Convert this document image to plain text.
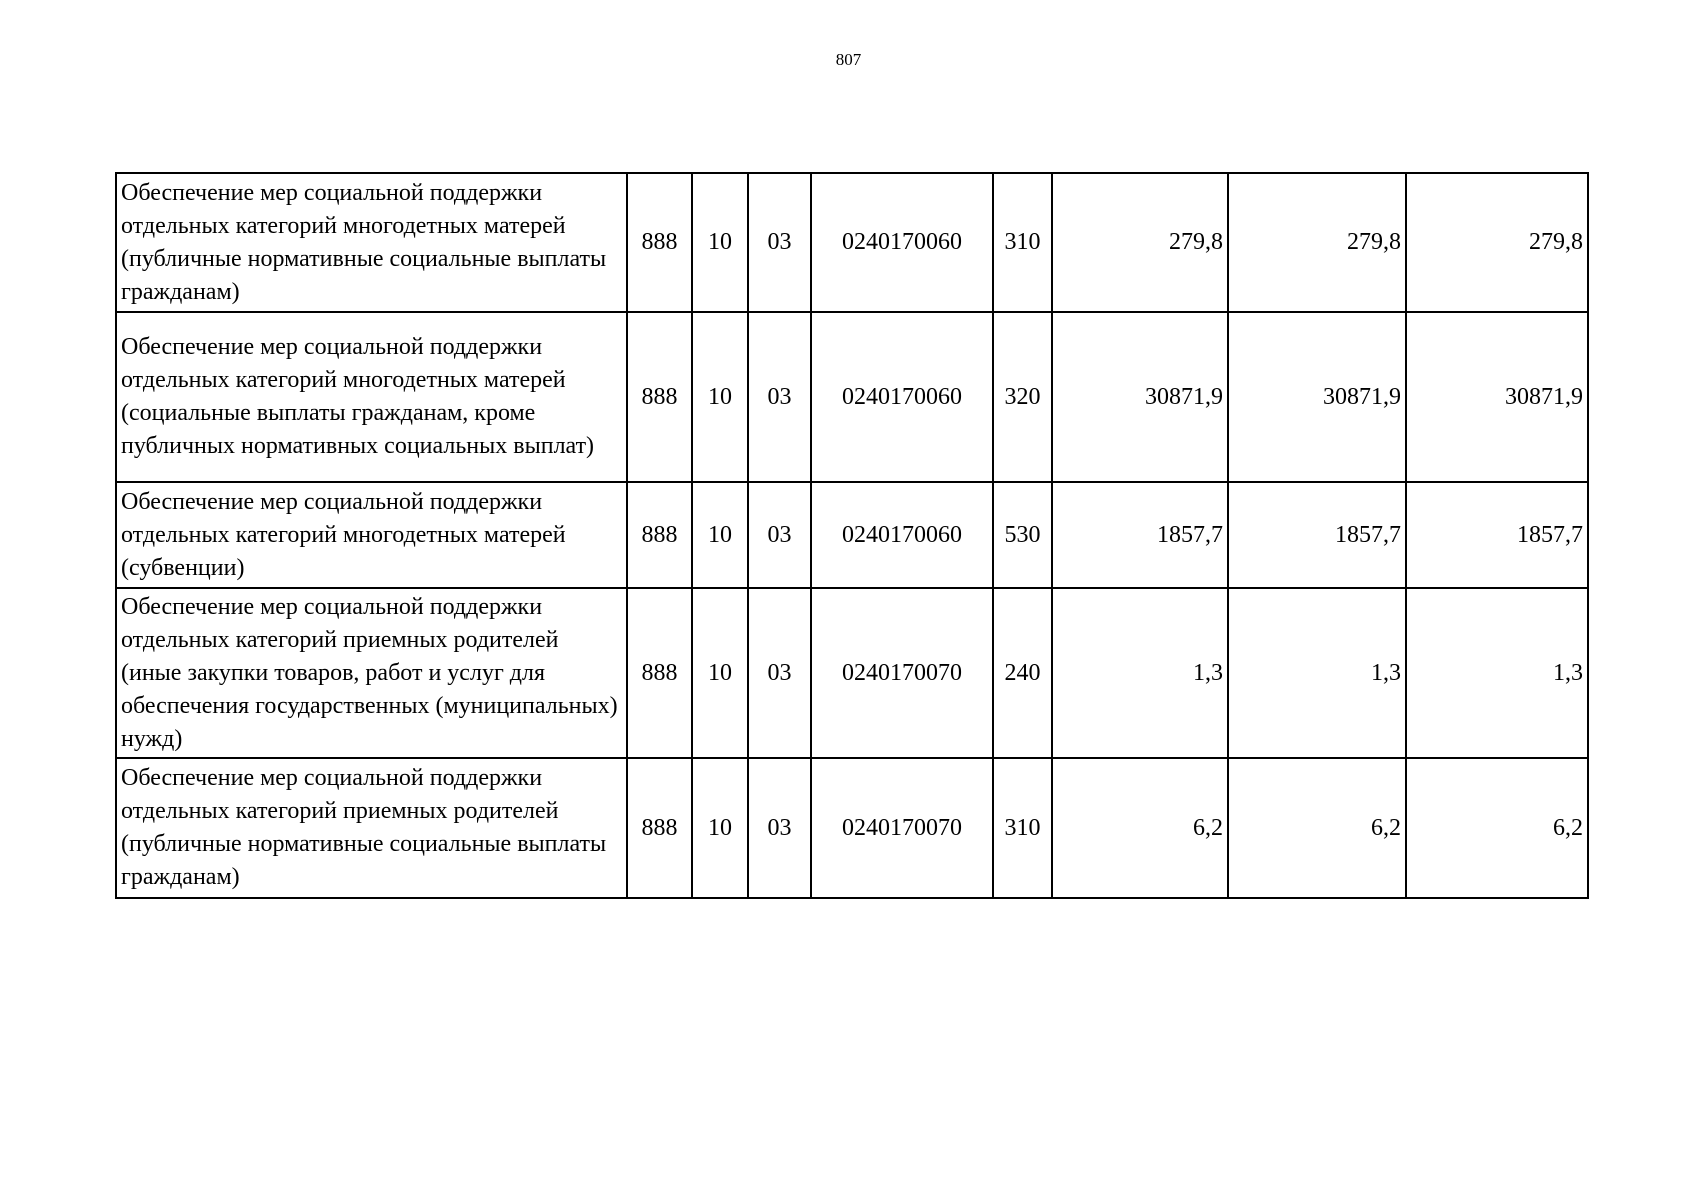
807
Обеспечение мер социальной поддержки отдельных категорий многодетных матерей (публичные нормативные социальные выплаты гражданам)	888	10	03	0240170060	310	279,8	279,8	279,8
Обеспечение мер социальной поддержки отдельных категорий многодетных матерей (социальные выплаты гражданам, кроме публичных нормативных социальных выплат)	888	10	03	0240170060	320	30871,9	30871,9	30871,9
Обеспечение мер социальной поддержки отдельных категорий многодетных матерей (субвенции)	888	10	03	0240170060	530	1857,7	1857,7	1857,7
Обеспечение мер социальной поддержки отдельных категорий приемных родителей (иные закупки товаров, работ и услуг для обеспечения государственных (муниципальных) нужд)	888	10	03	0240170070	240	1,3	1,3	1,3
Обеспечение мер социальной поддержки отдельных категорий приемных родителей (публичные нормативные социальные выплаты гражданам)	888	10	03	0240170070	310	6,2	6,2	6,2
